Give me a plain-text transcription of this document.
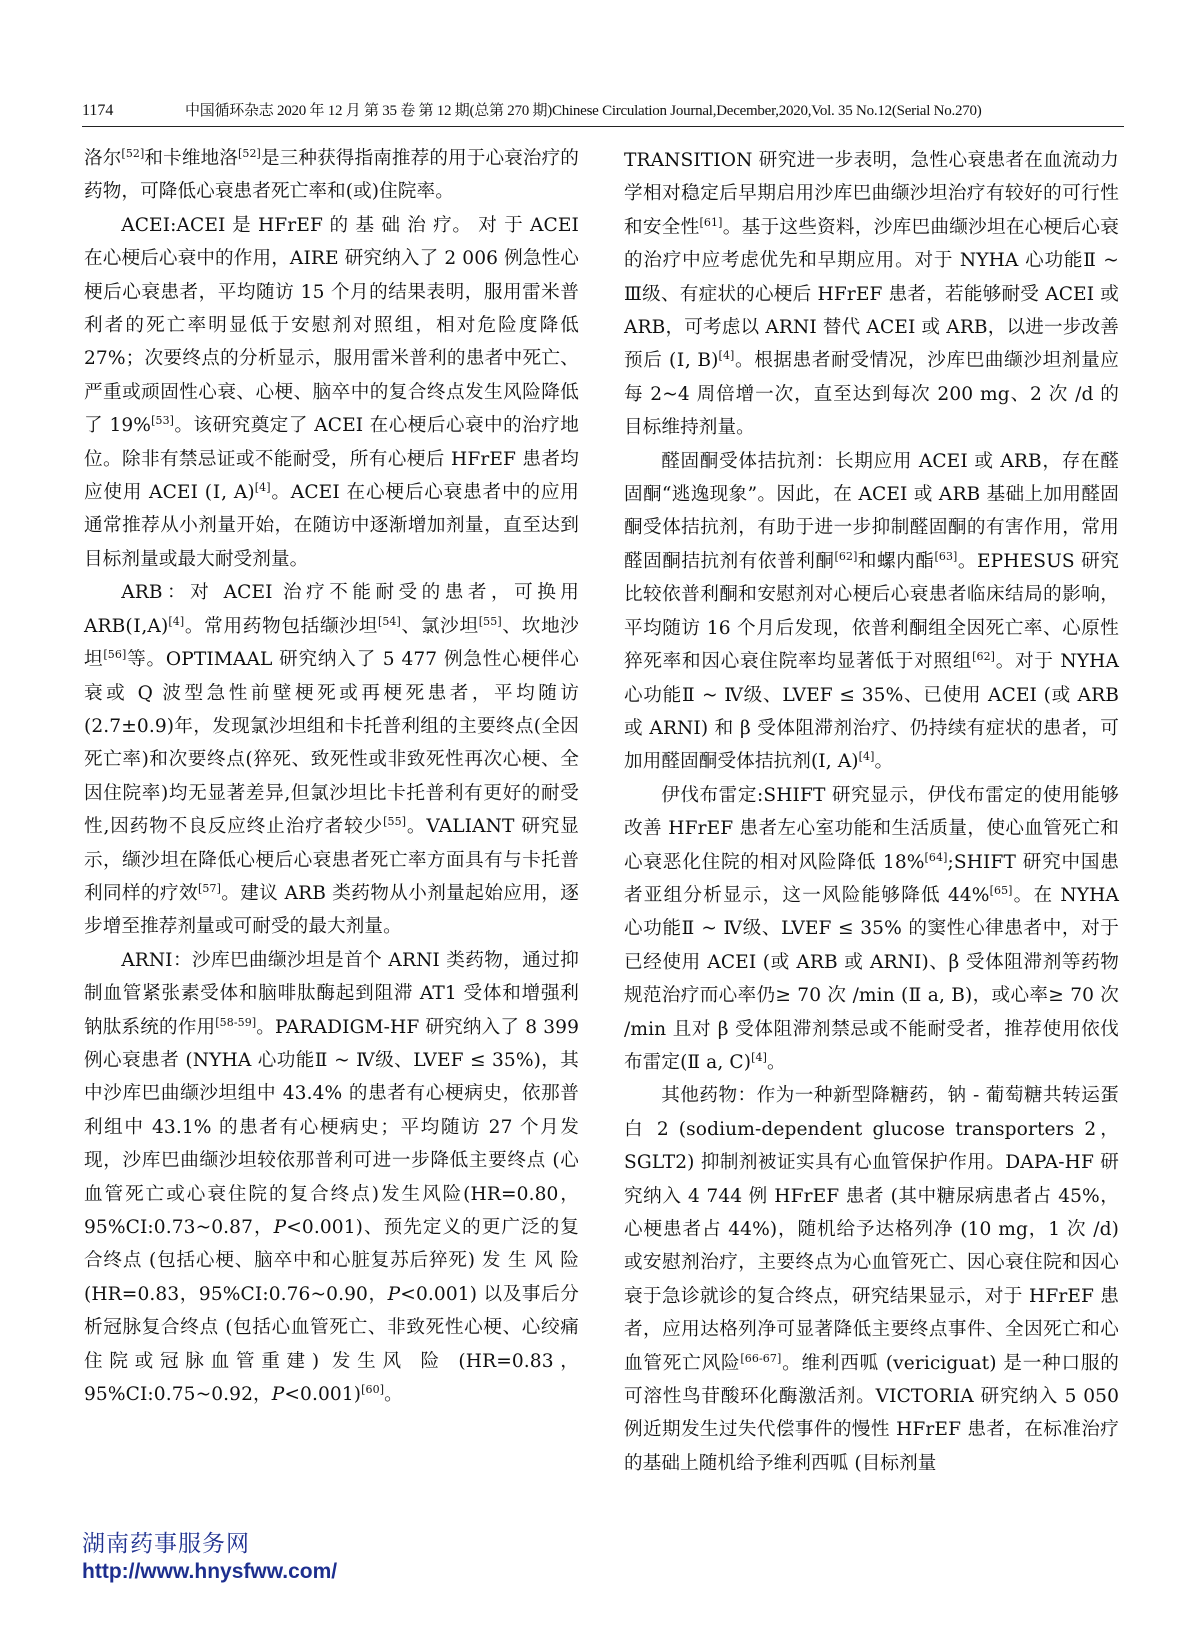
1174	中国循环杂志 2020 年 12 月 第 35 卷 第 12 期(总第 270 期)Chinese Circulation Journal,December,2020,Vol. 35 No.12(Serial No.270)

洛尔[52]和卡维地洛[52]是三种获得指南推荐的用于心衰治疗的药物，可降低心衰患者死亡率和(或)住院率。

ACEI:ACEI 是 HFrEF 的 基 础 治 疗。 对 于 ACEI 在心梗后心衰中的作用，AIRE 研究纳入了 2 006 例急性心梗后心衰患者，平均随访 15 个月的结果表明，服用雷米普利者的死亡率明显低于安慰剂对照组，相对危险度降低 27%；次要终点的分析显示，服用雷米普利的患者中死亡、严重或顽固性心衰、心梗、脑卒中的复合终点发生风险降低了 19%[53]。该研究奠定了 ACEI 在心梗后心衰中的治疗地位。除非有禁忌证或不能耐受，所有心梗后 HFrEF 患者均应使用 ACEI (Ⅰ, A)[4]。ACEI 在心梗后心衰患者中的应用通常推荐从小剂量开始，在随访中逐渐增加剂量，直至达到目标剂量或最大耐受剂量。

ARB：对 ACEI 治疗不能耐受的患者，可换用 ARB(Ⅰ,A)[4]。常用药物包括缬沙坦[54]、氯沙坦[55]、坎地沙坦[56]等。OPTIMAAL 研究纳入了 5 477 例急性心梗伴心衰或 Q 波型急性前壁梗死或再梗死患者，平均随访(2.7±0.9)年，发现氯沙坦组和卡托普利组的主要终点(全因死亡率)和次要终点(猝死、致死性或非致死性再次心梗、全因住院率)均无显著差异,但氯沙坦比卡托普利有更好的耐受性,因药物不良反应终止治疗者较少[55]。VALIANT 研究显示，缬沙坦在降低心梗后心衰患者死亡率方面具有与卡托普利同样的疗效[57]。建议 ARB 类药物从小剂量起始应用，逐步增至推荐剂量或可耐受的最大剂量。

ARNI：沙库巴曲缬沙坦是首个 ARNI 类药物，通过抑制血管紧张素受体和脑啡肽酶起到阻滞 AT1 受体和增强利钠肽系统的作用[58-59]。PARADIGM-HF 研究纳入了 8 399 例心衰患者 (NYHA 心功能Ⅱ ~ Ⅳ级、LVEF ≤ 35%)，其中沙库巴曲缬沙坦组中 43.4% 的患者有心梗病史，依那普利组中 43.1% 的患者有心梗病史；平均随访 27 个月发现，沙库巴曲缬沙坦较依那普利可进一步降低主要终点 (心血管死亡或心衰住院的复合终点)发生风险(HR=0.80，95%CI:0.73~0.87，P<0.001)、预先定义的更广泛的复合终点 (包括心梗、脑卒中和心脏复苏后猝死) 发 生 风 险 (HR=0.83，95%CI:0.76~0.90，P<0.001) 以及事后分析冠脉复合终点 (包括心血管死亡、非致死性心梗、心绞痛住院或冠脉血管重建) 发生风 险 (HR=0.83，95%CI:0.75~0.92，P<0.001)[60]。

TRANSITION 研究进一步表明，急性心衰患者在血流动力学相对稳定后早期启用沙库巴曲缬沙坦治疗有较好的可行性和安全性[61]。基于这些资料，沙库巴曲缬沙坦在心梗后心衰的治疗中应考虑优先和早期应用。对于 NYHA 心功能Ⅱ ~ Ⅲ级、有症状的心梗后 HFrEF 患者，若能够耐受 ACEI 或 ARB，可考虑以 ARNI 替代 ACEI 或 ARB，以进一步改善预后 (Ⅰ, B)[4]。根据患者耐受情况，沙库巴曲缬沙坦剂量应每 2~4 周倍增一次，直至达到每次 200 mg、2 次 /d 的目标维持剂量。

醛固酮受体拮抗剂：长期应用 ACEI 或 ARB，存在醛固酮“逃逸现象”。因此，在 ACEI 或 ARB 基础上加用醛固酮受体拮抗剂，有助于进一步抑制醛固酮的有害作用，常用醛固酮拮抗剂有依普利酮[62]和螺内酯[63]。EPHESUS 研究比较依普利酮和安慰剂对心梗后心衰患者临床结局的影响，平均随访 16 个月后发现，依普利酮组全因死亡率、心原性猝死率和因心衰住院率均显著低于对照组[62]。对于 NYHA 心功能Ⅱ ~ Ⅳ级、LVEF ≤ 35%、已使用 ACEI (或 ARB 或 ARNI) 和 β 受体阻滞剂治疗、仍持续有症状的患者，可加用醛固酮受体拮抗剂(Ⅰ, A)[4]。

伊伐布雷定:SHIFT 研究显示，伊伐布雷定的使用能够改善 HFrEF 患者左心室功能和生活质量，使心血管死亡和心衰恶化住院的相对风险降低 18%[64];SHIFT 研究中国患者亚组分析显示，这一风险能够降低 44%[65]。在 NYHA 心功能Ⅱ ~ Ⅳ级、LVEF ≤ 35% 的窦性心律患者中，对于已经使用 ACEI (或 ARB 或 ARNI)、β 受体阻滞剂等药物规范治疗而心率仍≥ 70 次 /min (Ⅱ a, B)，或心率≥ 70 次 /min 且对 β 受体阻滞剂禁忌或不能耐受者，推荐使用依伐布雷定(Ⅱ a, C)[4]。

其他药物：作为一种新型降糖药，钠 - 葡萄糖共转运蛋白 2 (sodium-dependent glucose transporters 2，SGLT2) 抑制剂被证实具有心血管保护作用。DAPA-HF 研究纳入 4 744 例 HFrEF 患者 (其中糖尿病患者占 45%，心梗患者占 44%)，随机给予达格列净 (10 mg，1 次 /d) 或安慰剂治疗，主要终点为心血管死亡、因心衰住院和因心衰于急诊就诊的复合终点，研究结果显示，对于 HFrEF 患者，应用达格列净可显著降低主要终点事件、全因死亡和心血管死亡风险[66-67]。维利西呱 (vericiguat) 是一种口服的可溶性鸟苷酸环化酶激活剂。VICTORIA 研究纳入 5 050 例近期发生过失代偿事件的慢性 HFrEF 患者，在标准治疗的基础上随机给予维利西呱 (目标剂量

湖南药事服务网
http://www.hnysfww.com/
